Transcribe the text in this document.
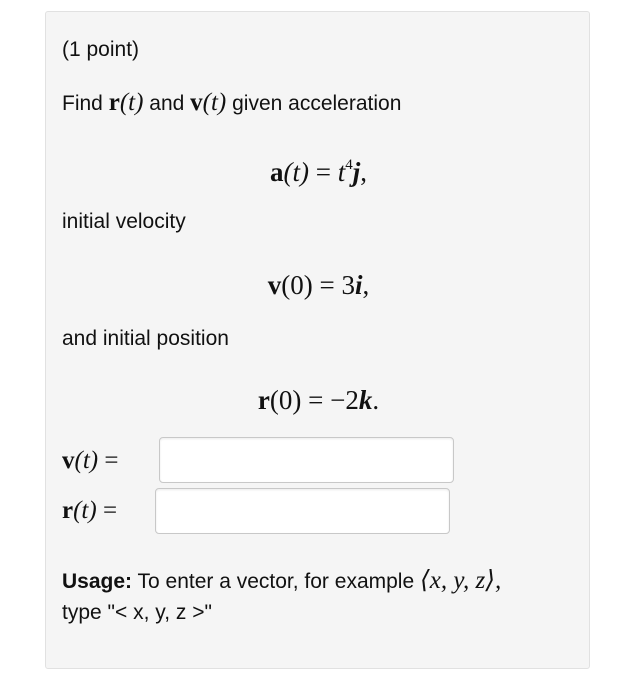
(1 point)
Find r(t) and v(t) given acceleration
$a(t) = t^4j$,
initial velocity
v(0) = 3i,
and initial position
r(0) = −2k.
v(t) =
r(t) =
Usage: To enter a vector, for example ⟨x, y, z⟩,
type "< x, y, z >"
